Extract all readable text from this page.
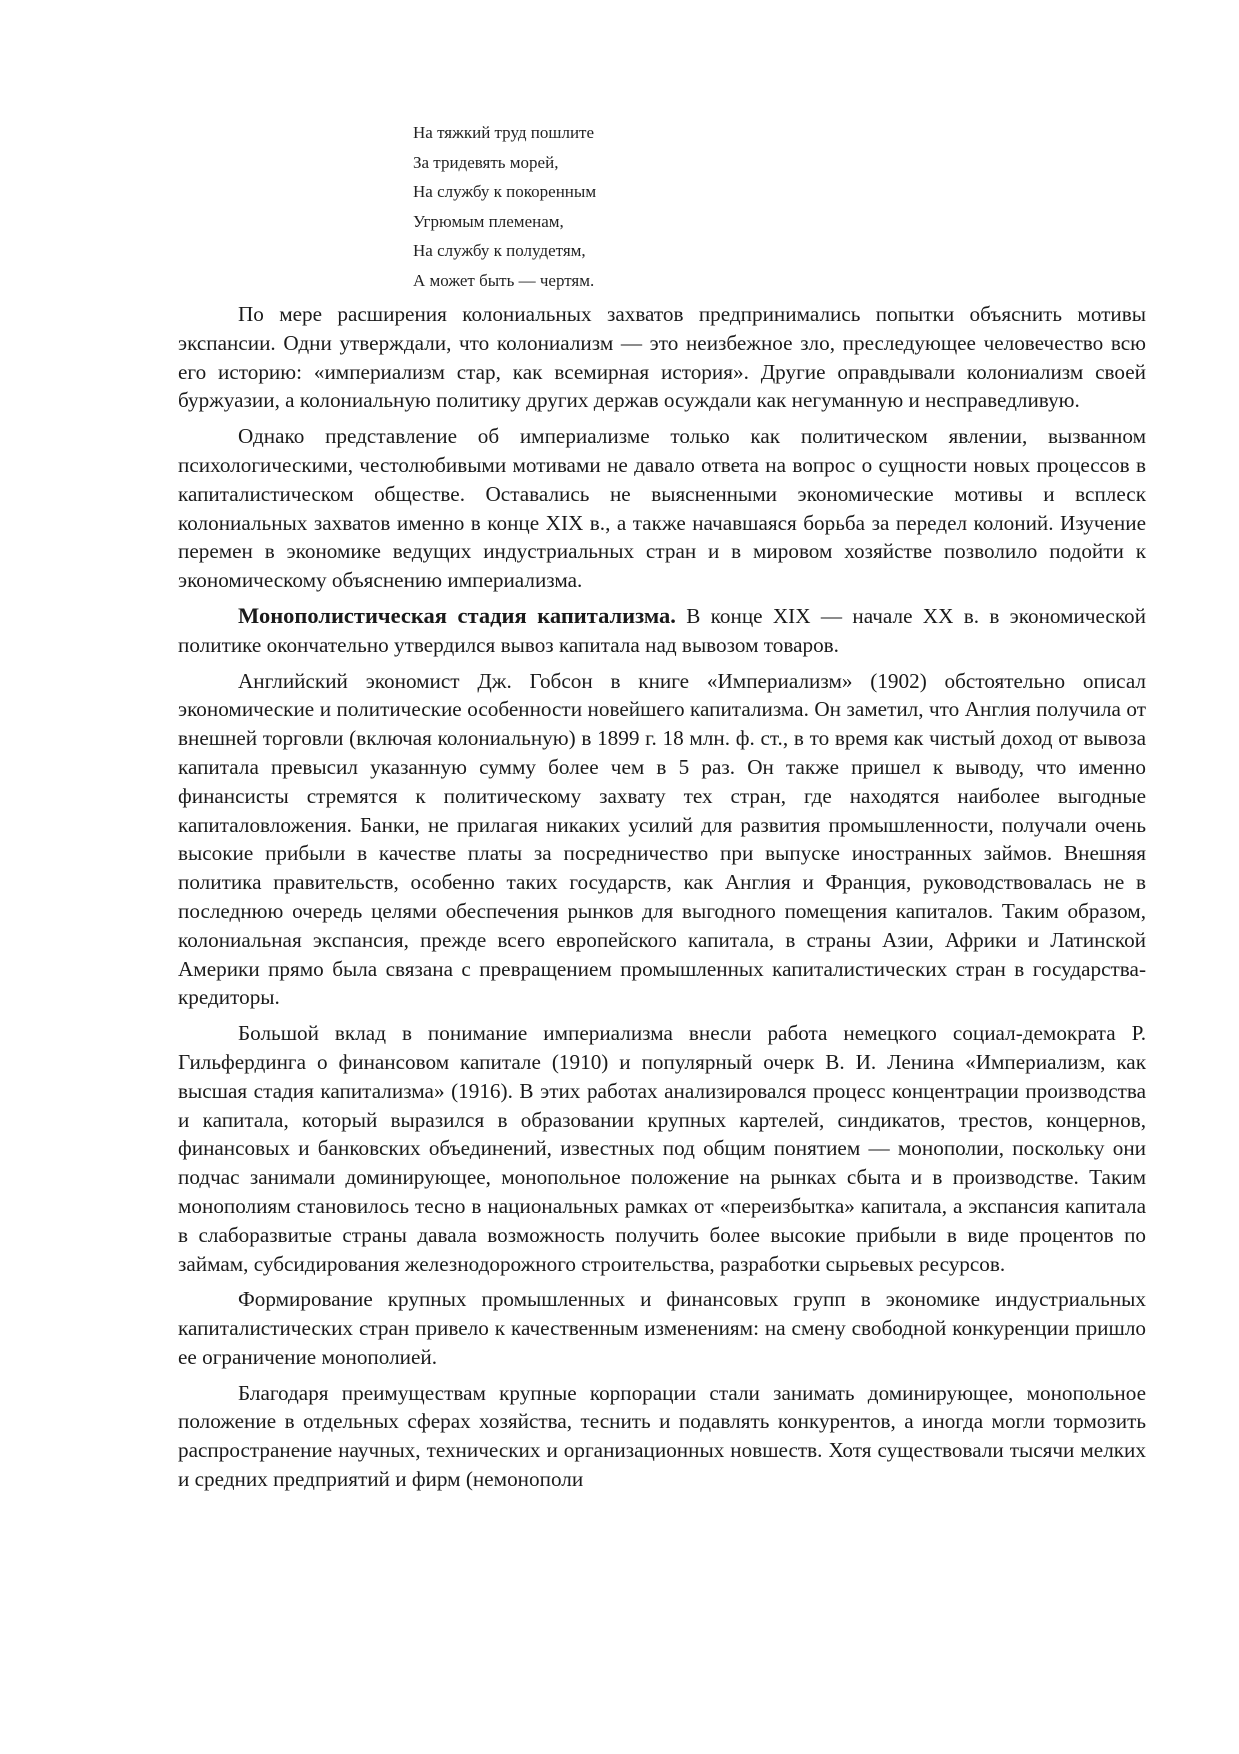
На тяжкий труд пошлите
За тридевять морей,
На службу к покоренным
Угрюмым племенам,
На службу к полудетям,
А может быть — чертям.

По мере расширения колониальных захватов предпринимались попытки объяснить мотивы экспансии. Одни утверждали, что колониализм — это неизбежное зло, преследующее человечество всю его историю: «империализм стар, как всемирная история». Другие оправдывали колониализм своей буржуазии, а колониальную политику других держав осуждали как негуманную и несправедливую.

Однако представление об империализме только как политическом явлении, вызванном психологическими, честолюбивыми мотивами не давало ответа на вопрос о сущности новых процессов в капиталистическом обществе. Оставались не выясненными экономические мотивы и всплеск колониальных захватов именно в конце XIX в., а также начавшаяся борьба за передел колоний. Изучение перемен в экономике ведущих индустриальных стран и в мировом хозяйстве позволило подойти к экономическому объяснению империализма.

Монополистическая стадия капитализма. В конце XIX — начале XX в. в экономической политике окончательно утвердился вывоз капитала над вывозом товаров.

Английский экономист Дж. Гобсон в книге «Империализм» (1902) обстоятельно описал экономические и политические особенности новейшего капитализма. Он заметил, что Англия получила от внешней торговли (включая колониальную) в 1899 г. 18 млн. ф. ст., в то время как чистый доход от вывоза капитала превысил указанную сумму более чем в 5 раз. Он также пришел к выводу, что именно финансисты стремятся к политическому захвату тех стран, где находятся наиболее выгодные капиталовложения. Банки, не прилагая никаких усилий для развития промышленности, получали очень высокие прибыли в качестве платы за посредничество при выпуске иностранных займов. Внешняя политика правительств, особенно таких государств, как Англия и Франция, руководствовалась не в последнюю очередь целями обеспечения рынков для выгодного помещения капиталов. Таким образом, колониальная экспансия, прежде всего европейского капитала, в страны Азии, Африки и Латинской Америки прямо была связана с превращением промышленных капиталистических стран в государства-кредиторы.

Большой вклад в понимание империализма внесли работа немецкого социал-демократа Р. Гильфердинга о финансовом капитале (1910) и популярный очерк В. И. Ленина «Империализм, как высшая стадия капитализма» (1916). В этих работах анализировался процесс концентрации производства и капитала, который выразился в образовании крупных картелей, синдикатов, трестов, концернов, финансовых и банковских объединений, известных под общим понятием — монополии, поскольку они подчас занимали доминирующее, монопольное положение на рынках сбыта и в производстве. Таким монополиям становилось тесно в национальных рамках от «переизбытка» капитала, а экспансия капитала в слаборазвитые страны давала возможность получить более высокие прибыли в виде процентов по займам, субсидирования железнодорожного строительства, разработки сырьевых ресурсов.

Формирование крупных промышленных и финансовых групп в экономике индустриальных капиталистических стран привело к качественным изменениям: на смену свободной конкуренции пришло ее ограничение монополией.

Благодаря преимуществам крупные корпорации стали занимать доминирующее, монопольное положение в отдельных сферах хозяйства, теснить и подавлять конкурентов, а иногда могли тормозить распространение научных, технических и организационных новшеств. Хотя существовали тысячи мелких и средних предприятий и фирм (немонополи
